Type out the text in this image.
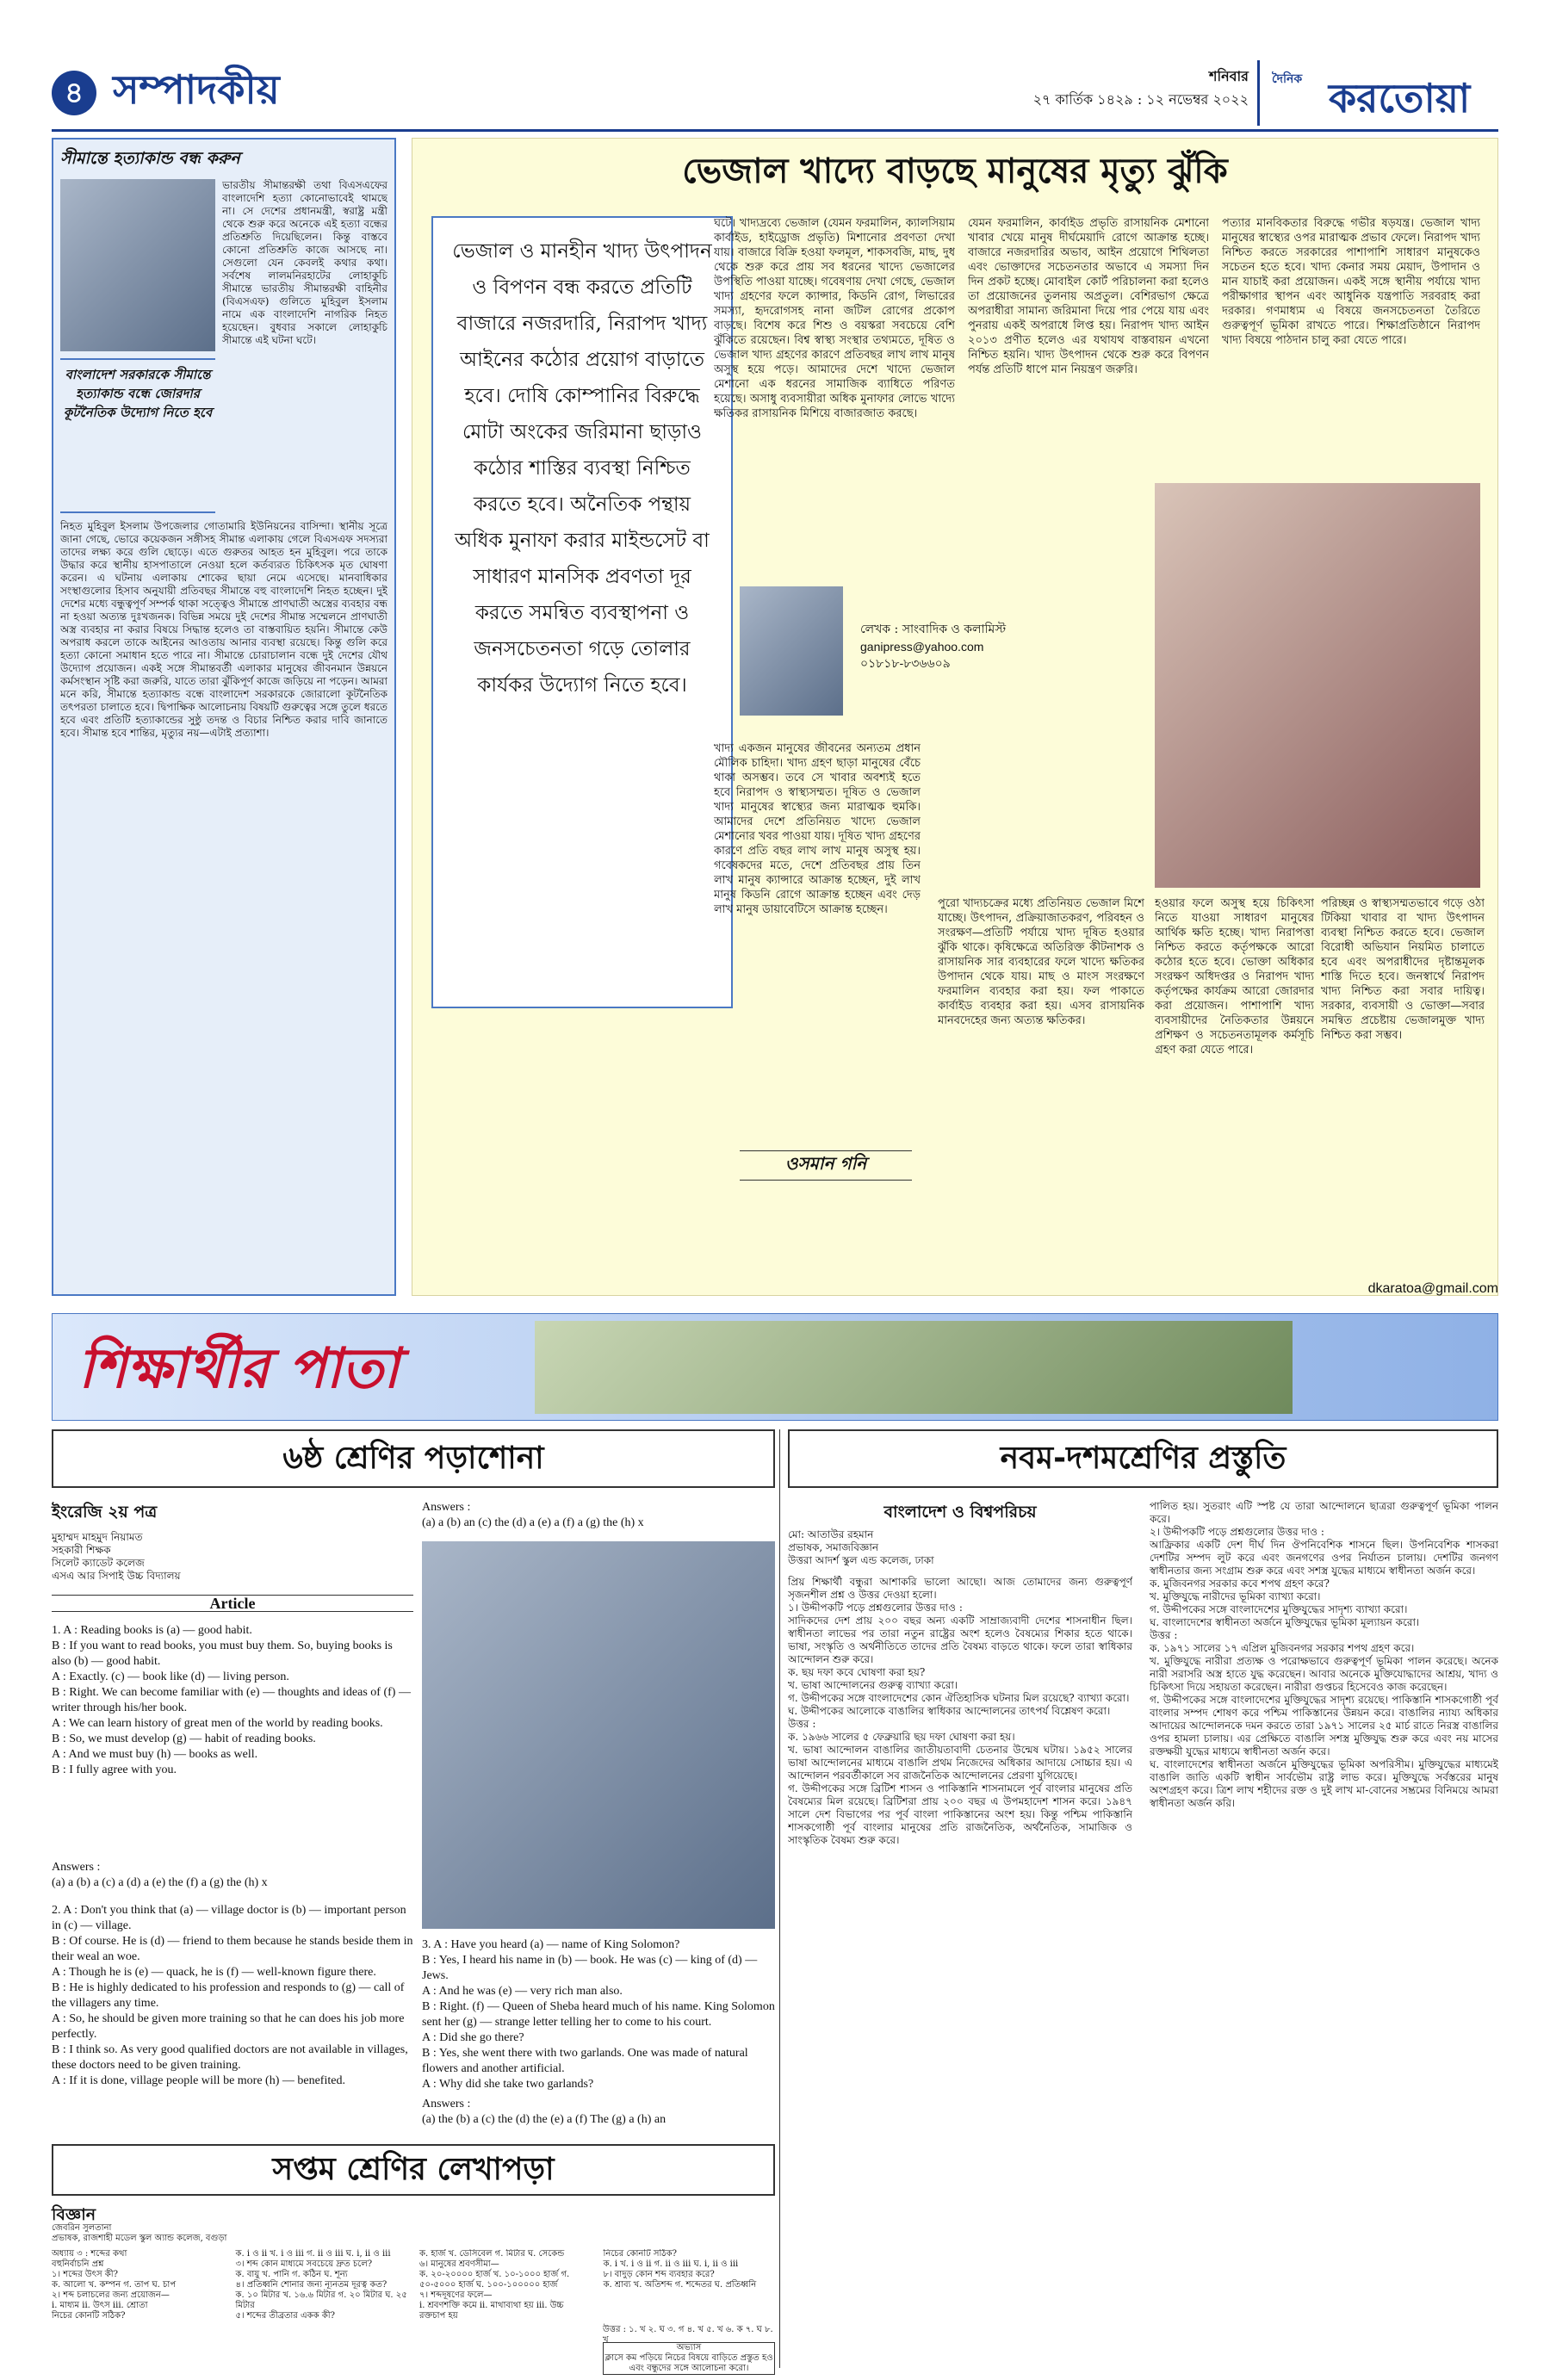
৪ সম্পাদকীয়	শনিবার
২৭ কার্তিক ১৪২৯ : ১২ নভেম্বর ২০২২
দৈনিক করতোয়া
সীমান্তে হত্যাকান্ড বন্ধ করুন
ভারতীয় সীমান্তরক্ষী তথা বিএসএফের বাংলাদেশি হত্যা কোনোভাবেই থামছে না। সে দেশের প্রধানমন্ত্রী, স্বরাষ্ট্র মন্ত্রী থেকে শুরু করে অনেকে এই হত্যা বন্ধের প্রতিশ্রুতি দিয়েছিলেন। কিন্তু বাস্তবে কোনো প্রতিশ্রুতি কাজে আসছে না। সেগুলো যেন কেবলই কথার কথা। সর্বশেষ লালমনিরহাটের লোহাকুচি সীমান্তে ভারতীয় সীমান্তরক্ষী বাহিনীর (বিএসএফ) গুলিতে মুহিবুল ইসলাম নামে এক বাংলাদেশি নাগরিক নিহত হয়েছেন। বুধবার সকালে লোহাকুচি সীমান্তে এই ঘটনা ঘটে।
বাংলাদেশ সরকারকে সীমান্তে হত্যাকান্ড বন্ধে জোরদার কূটনৈতিক উদ্যোগ নিতে হবে
নিহত মুহিবুল ইসলাম উপজেলার গোতামারি ইউনিয়নের বাসিন্দা। স্থানীয় সূত্রে জানা গেছে, ভোরে কয়েকজন সঙ্গীসহ সীমান্ত এলাকায় গেলে বিএসএফ সদস্যরা তাদের লক্ষ্য করে গুলি ছোড়ে। এতে গুরুতর আহত হন মুহিবুল। পরে তাকে উদ্ধার করে স্থানীয় হাসপাতালে নেওয়া হলে কর্তব্যরত চিকিৎসক মৃত ঘোষণা করেন। এ ঘটনায় এলাকায় শোকের ছায়া নেমে এসেছে। মানবাধিকার সংস্থাগুলোর হিসাব অনুযায়ী প্রতিবছর সীমান্তে বহু বাংলাদেশি নিহত হচ্ছেন। দুই দেশের মধ্যে বন্ধুত্বপূর্ণ সম্পর্ক থাকা সত্ত্বেও সীমান্তে প্রাণঘাতী অস্ত্রের ব্যবহার বন্ধ না হওয়া অত্যন্ত দুঃখজনক। বিভিন্ন সময়ে দুই দেশের সীমান্ত সম্মেলনে প্রাণঘাতী অস্ত্র ব্যবহার না করার বিষয়ে সিদ্ধান্ত হলেও তা বাস্তবায়িত হয়নি। সীমান্তে কেউ অপরাধ করলে তাকে আইনের আওতায় আনার ব্যবস্থা রয়েছে। কিন্তু গুলি করে হত্যা কোনো সমাধান হতে পারে না। সীমান্তে চোরাচালান বন্ধে দুই দেশের যৌথ উদ্যোগ প্রয়োজন। একই সঙ্গে সীমান্তবর্তী এলাকার মানুষের জীবনমান উন্নয়নে কর্মসংস্থান সৃষ্টি করা জরুরি, যাতে তারা ঝুঁকিপূর্ণ কাজে জড়িয়ে না পড়েন। আমরা মনে করি, সীমান্তে হত্যাকান্ড বন্ধে বাংলাদেশ সরকারকে জোরালো কূটনৈতিক তৎপরতা চালাতে হবে। দ্বিপাক্ষিক আলোচনায় বিষয়টি গুরুত্বের সঙ্গে তুলে ধরতে হবে এবং প্রতিটি হত্যাকান্ডের সুষ্ঠু তদন্ত ও বিচার নিশ্চিত করার দাবি জানাতে হবে। সীমান্ত হবে শান্তির, মৃত্যুর নয়—এটাই প্রত্যাশা।
ভেজাল খাদ্যে বাড়ছে মানুষের মৃত্যু ঝুঁকি
ভেজাল ও মানহীন খাদ্য উৎপাদন ও বিপণন বন্ধ করতে প্রতিটি বাজারে নজরদারি, নিরাপদ খাদ্য আইনের কঠোর প্রয়োগ বাড়াতে হবে। দোষি কোম্পানির বিরুদ্ধে মোটা অংকের জরিমানা ছাড়াও কঠোর শাস্তির ব্যবস্থা নিশ্চিত করতে হবে। অনৈতিক পন্থায় অধিক মুনাফা করার মাইন্ডসেট বা সাধারণ মানসিক প্রবণতা দূর করতে সমন্বিত ব্যবস্থাপনা ও জনসচেতনতা গড়ে তোলার কার্যকর উদ্যোগ নিতে হবে।
ঘটে। খাদ্যদ্রব্যে ভেজাল (যেমন ফরমালিন, ক্যালসিয়াম কার্বাইড, হাইড্রোজ প্রভৃতি) মিশানোর প্রবণতা দেখা যায়। বাজারে বিক্রি হওয়া ফলমূল, শাকসবজি, মাছ, দুধ থেকে শুরু করে প্রায় সব ধরনের খাদ্যে ভেজালের উপস্থিতি পাওয়া যাচ্ছে। গবেষণায় দেখা গেছে, ভেজাল খাদ্য গ্রহণের ফলে ক্যান্সার, কিডনি রোগ, লিভারের সমস্যা, হৃদরোগসহ নানা জটিল রোগের প্রকোপ বাড়ছে। বিশেষ করে শিশু ও বয়স্করা সবচেয়ে বেশি ঝুঁকিতে রয়েছেন। বিশ্ব স্বাস্থ্য সংস্থার তথ্যমতে, দূষিত ও ভেজাল খাদ্য গ্রহণের কারণে প্রতিবছর লাখ লাখ মানুষ অসুস্থ হয়ে পড়ে। আমাদের দেশে খাদ্যে ভেজাল মেশানো এক ধরনের সামাজিক ব্যাধিতে পরিণত হয়েছে। অসাধু ব্যবসায়ীরা অধিক মুনাফার লোভে খাদ্যে ক্ষতিকর রাসায়নিক মিশিয়ে বাজারজাত করছে।
যেমন ফরমালিন, কার্বাইড প্রভৃতি রাসায়নিক মেশানো খাবার খেয়ে মানুষ দীর্ঘমেয়াদি রোগে আক্রান্ত হচ্ছে। বাজারে নজরদারির অভাব, আইন প্রয়োগে শিথিলতা এবং ভোক্তাদের সচেতনতার অভাবে এ সমস্যা দিন দিন প্রকট হচ্ছে। মোবাইল কোর্ট পরিচালনা করা হলেও তা প্রয়োজনের তুলনায় অপ্রতুল। বেশিরভাগ ক্ষেত্রে অপরাধীরা সামান্য জরিমানা দিয়ে পার পেয়ে যায় এবং পুনরায় একই অপরাধে লিপ্ত হয়। নিরাপদ খাদ্য আইন ২০১৩ প্রণীত হলেও এর যথাযথ বাস্তবায়ন এখনো নিশ্চিত হয়নি। খাদ্য উৎপাদন থেকে শুরু করে বিপণন পর্যন্ত প্রতিটি ধাপে মান নিয়ন্ত্রণ জরুরি।
পত্যার মানবিকতার বিরুদ্ধে গভীর ষড়যন্ত্র। ভেজাল খাদ্য মানুষের স্বাস্থ্যের ওপর মারাত্মক প্রভাব ফেলে। নিরাপদ খাদ্য নিশ্চিত করতে সরকারের পাশাপাশি সাধারণ মানুষকেও সচেতন হতে হবে। খাদ্য কেনার সময় মেয়াদ, উপাদান ও মান যাচাই করা প্রয়োজন। একই সঙ্গে স্থানীয় পর্যায়ে খাদ্য পরীক্ষাগার স্থাপন এবং আধুনিক যন্ত্রপাতি সরবরাহ করা দরকার। গণমাধ্যম এ বিষয়ে জনসচেতনতা তৈরিতে গুরুত্বপূর্ণ ভূমিকা রাখতে পারে। শিক্ষাপ্রতিষ্ঠানে নিরাপদ খাদ্য বিষয়ে পাঠদান চালু করা যেতে পারে।
লেখক : সাংবাদিক ও কলামিস্ট
ganipress@yahoo.com
০১৮১৮-৮৩৬৬০৯
খাদ্য একজন মানুষের জীবনের অন্যতম প্রধান মৌলিক চাহিদা। খাদ্য গ্রহণ ছাড়া মানুষের বেঁচে থাকা অসম্ভব। তবে সে খাবার অবশ্যই হতে হবে নিরাপদ ও স্বাস্থ্যসম্মত। দূষিত ও ভেজাল খাদ্য মানুষের স্বাস্থ্যের জন্য মারাত্মক হুমকি। আমাদের দেশে প্রতিনিয়ত খাদ্যে ভেজাল মেশানোর খবর পাওয়া যায়। দূষিত খাদ্য গ্রহণের কারণে প্রতি বছর লাখ লাখ মানুষ অসুস্থ হয়। গবেষকদের মতে, দেশে প্রতিবছর প্রায় তিন লাখ মানুষ ক্যান্সারে আক্রান্ত হচ্ছেন, দুই লাখ মানুষ কিডনি রোগে আক্রান্ত হচ্ছেন এবং দেড় লাখ মানুষ ডায়াবেটিসে আক্রান্ত হচ্ছেন।
ওসমান গনি
পুরো খাদ্যচক্রের মধ্যে প্রতিনিয়ত ভেজাল মিশে যাচ্ছে। উৎপাদন, প্রক্রিয়াজাতকরণ, পরিবহন ও সংরক্ষণ—প্রতিটি পর্যায়ে খাদ্য দূষিত হওয়ার ঝুঁকি থাকে। কৃষিক্ষেত্রে অতিরিক্ত কীটনাশক ও রাসায়নিক সার ব্যবহারের ফলে খাদ্যে ক্ষতিকর উপাদান থেকে যায়। মাছ ও মাংস সংরক্ষণে ফরমালিন ব্যবহার করা হয়। ফল পাকাতে কার্বাইড ব্যবহার করা হয়। এসব রাসায়নিক মানবদেহের জন্য অত্যন্ত ক্ষতিকর।
হওয়ার ফলে অসুস্থ হয়ে চিকিৎসা নিতে যাওয়া সাধারণ মানুষের আর্থিক ক্ষতি হচ্ছে। খাদ্য নিরাপত্তা নিশ্চিত করতে কর্তৃপক্ষকে আরো কঠোর হতে হবে। ভোক্তা অধিকার সংরক্ষণ অধিদপ্তর ও নিরাপদ খাদ্য কর্তৃপক্ষের কার্যক্রম আরো জোরদার করা প্রয়োজন। পাশাপাশি খাদ্য ব্যবসায়ীদের নৈতিকতার উন্নয়নে প্রশিক্ষণ ও সচেতনতামূলক কর্মসূচি গ্রহণ করা যেতে পারে।
পরিচ্ছন্ন ও স্বাস্থ্যসম্মতভাবে গড়ে ওঠা টিকিয়া খাবার বা খাদ্য উৎপাদন ব্যবস্থা নিশ্চিত করতে হবে। ভেজাল বিরোধী অভিযান নিয়মিত চালাতে হবে এবং অপরাধীদের দৃষ্টান্তমূলক শাস্তি দিতে হবে। জনস্বার্থে নিরাপদ খাদ্য নিশ্চিত করা সবার দায়িত্ব। সরকার, ব্যবসায়ী ও ভোক্তা—সবার সমন্বিত প্রচেষ্টায় ভেজালমুক্ত খাদ্য নিশ্চিত করা সম্ভব।
dkaratoa@gmail.com
শিক্ষার্থীর পাতা
৬ষ্ঠ শ্রেণির পড়াশোনা
ইংরেজি ২য় পত্র
মুহাম্মদ মাহমুদ নিয়ামত
সহকারী শিক্ষক
সিলেট ক্যাডেট কলেজ
এসএ আর সিপাই উচ্চ বিদ্যালয়
Article
1. A : Reading books is (a) — good habit.
B : If you want to read books, you must buy them. So, buying books is also (b) — good habit.
A : Exactly. (c) — book like (d) — living person.
B : Right. We can become familiar with (e) — thoughts and ideas of (f) — writer through his/her book.
A : We can learn history of great men of the world by reading books.
B : So, we must develop (g) — habit of reading books.
A : And we must buy (h) — books as well.
B : I fully agree with you.
Answers :
(a) a (b) a (c) a (d) a (e) the (f) a (g) the (h) x
2. A : Don't you think that (a) — village doctor is (b) — important person in (c) — village.
B : Of course. He is (d) — friend to them because he stands beside them in their weal an woe.
A : Though he is (e) — quack, he is (f) — well-known figure there.
B : He is highly dedicated to his profession and responds to (g) — call of the villagers any time.
A : So, he should be given more training so that he can does his job more perfectly.
B : I think so. As very good qualified doctors are not available in villages, these doctors need to be given training.
A : If it is done, village people will be more (h) — benefited.
Answers :
(a) a (b) an (c) the (d) a (e) a (f) a (g) the (h) x
3. A : Have you heard (a) — name of King Solomon?
B : Yes, I heard his name in (b) — book. He was (c) — king of (d) — Jews.
A : And he was (e) — very rich man also.
B : Right. (f) — Queen of Sheba heard much of his name. King Solomon sent her (g) — strange letter telling her to come to his court.
A : Did she go there?
B : Yes, she went there with two garlands. One was made of natural flowers and another artificial.
A : Why did she take two garlands?

Answers :
(a) the (b) a (c) the (d) the (e) a (f) The (g) a (h) an
সপ্তম শ্রেণির লেখাপড়া
বিজ্ঞান
জেবরিন সুলতানা
প্রভাষক, রাজশাহী মডেল স্কুল অ্যান্ড কলেজ, বগুড়া
অধ্যায় ৩ : শব্দের কথা
বহুনির্বাচনি প্রশ্ন
১। শব্দের উৎস কী?
ক. আলো খ. কম্পন গ. তাপ ঘ. চাপ
২। শব্দ চলাচলের জন্য প্রয়োজন—
i. মাধ্যম ii. উৎস iii. শ্রোতা
নিচের কোনটি সঠিক?
ক. i ও ii খ. i ও iii গ. ii ও iii ঘ. i, ii ও iii
৩। শব্দ কোন মাধ্যমে সবচেয়ে দ্রুত চলে?
ক. বায়ু খ. পানি গ. কঠিন ঘ. শূন্য
৪। প্রতিধ্বনি শোনার জন্য ন্যূনতম দূরত্ব কত?
ক. ১০ মিটার খ. ১৬.৬ মিটার গ. ২০ মিটার ঘ. ২৫ মিটার
৫। শব্দের তীব্রতার একক কী?
ক. হার্জ খ. ডেসিবেল গ. মিটার ঘ. সেকেন্ড
৬। মানুষের শ্রবণসীমা—
ক. ২০-২০০০০ হার্জ খ. ১০-১০০০ হার্জ গ. ৫০-৫০০০ হার্জ ঘ. ১০০-১০০০০০ হার্জ
৭। শব্দদূষণের ফলে—
i. শ্রবণশক্তি কমে ii. মাথাব্যথা হয় iii. উচ্চ রক্তচাপ হয়
নিচের কোনটি সঠিক?
ক. i খ. i ও ii গ. ii ও iii ঘ. i, ii ও iii
৮। বাদুড় কোন শব্দ ব্যবহার করে?
ক. শ্রাব্য খ. অতিশব্দ গ. শব্দেতর ঘ. প্রতিধ্বনি
উত্তর : ১. খ ২. ঘ ৩. গ ৪. খ ৫. খ ৬. ক ৭. ঘ ৮. খ
অভ্যাস
ক্লাসে কম পড়িয়ে নিচের বিষয়ে বাড়িতে প্রস্তুত হও এবং বন্ধুদের সঙ্গে আলোচনা করো।
নবম-দশমশ্রেণির প্রস্তুতি
বাংলাদেশ ও বিশ্বপরিচয়
মো: আতাউর রহমান
প্রভাষক, সমাজবিজ্ঞান
উত্তরা আদর্শ স্কুল এন্ড কলেজ, ঢাকা
প্রিয় শিক্ষার্থী বন্ধুরা আশাকরি ভালো আছো। আজ তোমাদের জন্য গুরুত্বপূর্ণ সৃজনশীল প্রশ্ন ও উত্তর দেওয়া হলো।
১। উদ্দীপকটি পড়ে প্রশ্নগুলোর উত্তর দাও :
সাদিকদের দেশ প্রায় ২০০ বছর অন্য একটি সাম্রাজ্যবাদী দেশের শাসনাধীন ছিল। স্বাধীনতা লাভের পর তারা নতুন রাষ্ট্রের অংশ হলেও বৈষম্যের শিকার হতে থাকে। ভাষা, সংস্কৃতি ও অর্থনীতিতে তাদের প্রতি বৈষম্য বাড়তে থাকে। ফলে তারা স্বাধিকার আন্দোলন শুরু করে।
ক. ছয় দফা কবে ঘোষণা করা হয়?
খ. ভাষা আন্দোলনের গুরুত্ব ব্যাখ্যা করো।
গ. উদ্দীপকের সঙ্গে বাংলাদেশের কোন ঐতিহাসিক ঘটনার মিল রয়েছে? ব্যাখ্যা করো।
ঘ. উদ্দীপকের আলোকে বাঙালির স্বাধিকার আন্দোলনের তাৎপর্য বিশ্লেষণ করো।
উত্তর :
ক. ১৯৬৬ সালের ৫ ফেব্রুয়ারি ছয় দফা ঘোষণা করা হয়।
খ. ভাষা আন্দোলন বাঙালির জাতীয়তাবাদী চেতনার উন্মেষ ঘটায়। ১৯৫২ সালের ভাষা আন্দোলনের মাধ্যমে বাঙালি প্রথম নিজেদের অধিকার আদায়ে সোচ্চার হয়। এ আন্দোলন পরবর্তীকালে সব রাজনৈতিক আন্দোলনের প্রেরণা যুগিয়েছে।
গ. উদ্দীপকের সঙ্গে ব্রিটিশ শাসন ও পাকিস্তানি শাসনামলে পূর্ব বাংলার মানুষের প্রতি বৈষম্যের মিল রয়েছে। ব্রিটিশরা প্রায় ২০০ বছর এ উপমহাদেশ শাসন করে। ১৯৪৭ সালে দেশ বিভাগের পর পূর্ব বাংলা পাকিস্তানের অংশ হয়। কিন্তু পশ্চিম পাকিস্তানি শাসকগোষ্ঠী পূর্ব বাংলার মানুষের প্রতি রাজনৈতিক, অর্থনৈতিক, সামাজিক ও সাংস্কৃতিক বৈষম্য শুরু করে।
পালিত হয়। সুতরাং এটি স্পষ্ট যে তারা আন্দোলনে ছাত্ররা গুরুত্বপূর্ণ ভূমিকা পালন করে।
২। উদ্দীপকটি পড়ে প্রশ্নগুলোর উত্তর দাও :
আফ্রিকার একটি দেশ দীর্ঘ দিন ঔপনিবেশিক শাসনে ছিল। উপনিবেশিক শাসকরা দেশটির সম্পদ লুট করে এবং জনগণের ওপর নির্যাতন চালায়। দেশটির জনগণ স্বাধীনতার জন্য সংগ্রাম শুরু করে এবং সশস্ত্র যুদ্ধের মাধ্যমে স্বাধীনতা অর্জন করে।
ক. মুজিবনগর সরকার কবে শপথ গ্রহণ করে?
খ. মুক্তিযুদ্ধে নারীদের ভূমিকা ব্যাখ্যা করো।
গ. উদ্দীপকের সঙ্গে বাংলাদেশের মুক্তিযুদ্ধের সাদৃশ্য ব্যাখ্যা করো।
ঘ. বাংলাদেশের স্বাধীনতা অর্জনে মুক্তিযুদ্ধের ভূমিকা মূল্যায়ন করো।
উত্তর :
ক. ১৯৭১ সালের ১৭ এপ্রিল মুজিবনগর সরকার শপথ গ্রহণ করে।
খ. মুক্তিযুদ্ধে নারীরা প্রত্যক্ষ ও পরোক্ষভাবে গুরুত্বপূর্ণ ভূমিকা পালন করেছে। অনেক নারী সরাসরি অস্ত্র হাতে যুদ্ধ করেছেন। আবার অনেকে মুক্তিযোদ্ধাদের আশ্রয়, খাদ্য ও চিকিৎসা দিয়ে সহায়তা করেছেন। নারীরা গুপ্তচর হিসেবেও কাজ করেছেন।
গ. উদ্দীপকের সঙ্গে বাংলাদেশের মুক্তিযুদ্ধের সাদৃশ্য রয়েছে। পাকিস্তানি শাসকগোষ্ঠী পূর্ব বাংলার সম্পদ শোষণ করে পশ্চিম পাকিস্তানের উন্নয়ন করে। বাঙালির ন্যায্য অধিকার আদায়ের আন্দোলনকে দমন করতে তারা ১৯৭১ সালের ২৫ মার্চ রাতে নিরস্ত্র বাঙালির ওপর হামলা চালায়। এর প্রেক্ষিতে বাঙালি সশস্ত্র মুক্তিযুদ্ধ শুরু করে এবং নয় মাসের রক্তক্ষয়ী যুদ্ধের মাধ্যমে স্বাধীনতা অর্জন করে।
ঘ. বাংলাদেশের স্বাধীনতা অর্জনে মুক্তিযুদ্ধের ভূমিকা অপরিসীম। মুক্তিযুদ্ধের মাধ্যমেই বাঙালি জাতি একটি স্বাধীন সার্বভৌম রাষ্ট্র লাভ করে। মুক্তিযুদ্ধে সর্বস্তরের মানুষ অংশগ্রহণ করে। ত্রিশ লাখ শহীদের রক্ত ও দুই লাখ মা-বোনের সম্ভ্রমের বিনিময়ে আমরা স্বাধীনতা অর্জন করি।
